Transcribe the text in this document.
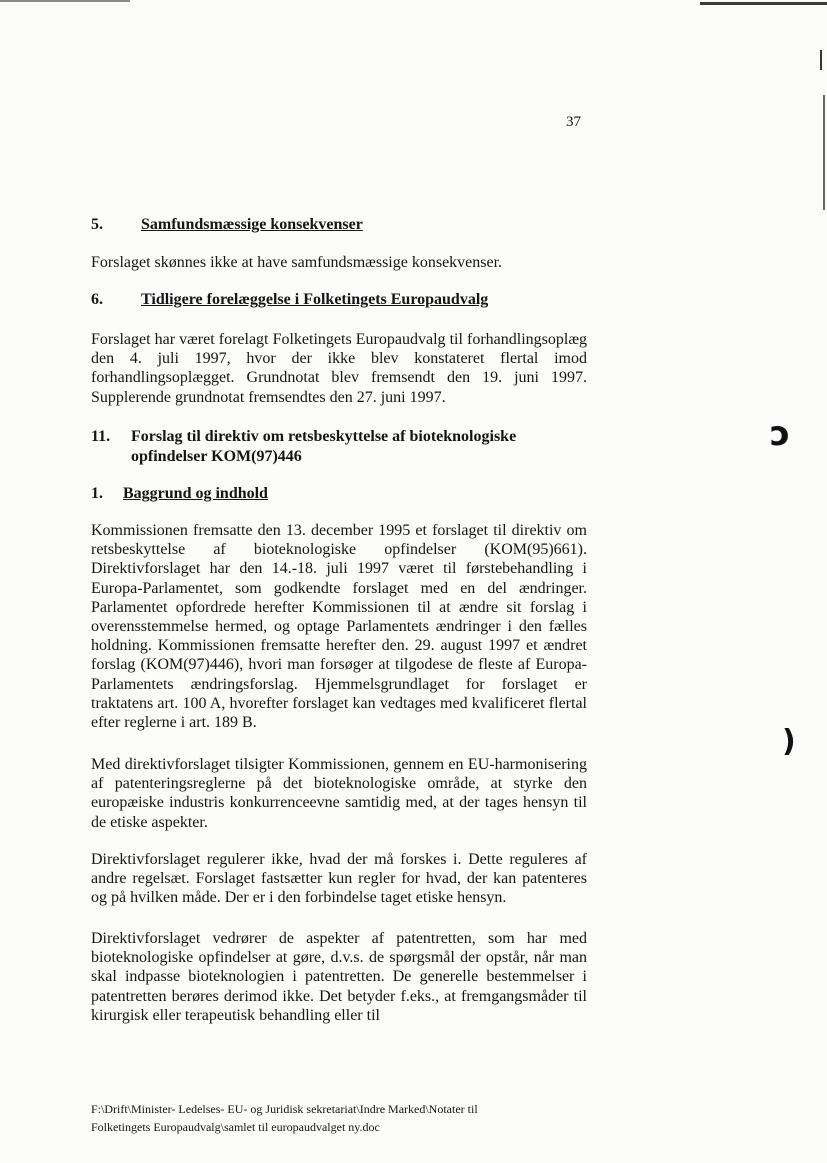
ↄ
)
37
5. Samfundsmæssige konsekvenser
Forslaget skønnes ikke at have samfundsmæssige konsekvenser.
6. Tidligere forelæggelse i Folketingets Europaudvalg
Forslaget har været forelagt Folketingets Europaudvalg til forhandlingsoplæg den 4. juli 1997, hvor der ikke blev konstateret flertal imod forhandlingsoplægget. Grundnotat blev fremsendt den 19. juni 1997. Supplerende grundnotat fremsendtes den 27. juni 1997.
11. Forslag til direktiv om retsbeskyttelse af bioteknologiske opfindelser KOM(97)446
1. Baggrund og indhold
Kommissionen fremsatte den 13. december 1995 et forslaget til direktiv om retsbeskyttelse af bioteknologiske opfindelser (KOM(95)661). Direktivforslaget har den 14.-18. juli 1997 været til førstebehandling i Europa-Parlamentet, som godkendte forslaget med en del ændringer. Parlamentet opfordrede herefter Kommissionen til at ændre sit forslag i overensstemmelse hermed, og optage Parlamentets ændringer i den fælles holdning. Kommissionen fremsatte herefter den. 29. august 1997 et ændret forslag (KOM(97)446), hvori man forsøger at tilgodese de fleste af Europa-Parlamentets ændringsforslag. Hjemmelsgrundlaget for forslaget er traktatens art. 100 A, hvorefter forslaget kan vedtages med kvalificeret flertal efter reglerne i art. 189 B.
Med direktivforslaget tilsigter Kommissionen, gennem en EU-harmonisering af patenteringsreglerne på det bioteknologiske område, at styrke den europæiske industris konkurrenceevne samtidig med, at der tages hensyn til de etiske aspekter.
Direktivforslaget regulerer ikke, hvad der må forskes i. Dette reguleres af andre regelsæt. Forslaget fastsætter kun regler for hvad, der kan patenteres og på hvilken måde. Der er i den forbindelse taget etiske hensyn.
Direktivforslaget vedrører de aspekter af patentretten, som har med bioteknologiske opfindelser at gøre, d.v.s. de spørgsmål der opstår, når man skal indpasse bioteknologien i patentretten. De generelle bestemmelser i patentretten berøres derimod ikke. Det betyder f.eks., at fremgangsmåder til kirurgisk eller terapeutisk behandling eller til
F:\Drift\Minister- Ledelses- EU- og Juridisk sekretariat\Indre Marked\Notater til
Folketingets Europaudvalg\samlet til europaudvalget ny.doc
